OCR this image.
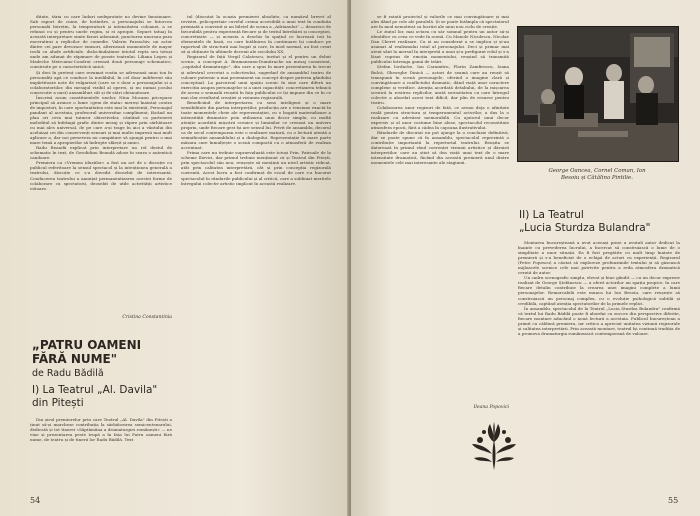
ditate, tăria cu care luduri nedeprotate no devine înnoinuare. Sub raport de cuine, de hotărâre, a personajului se întorcea personală întrețin, la temperatură și intensitatea coloanei, a se reînnoi cu și pentru unele regim, și ei apropie. Sepuet tatuaj în această interpretare simte farori adoramit, puncturea unoroau para enceratirai a replicilor de comedie. Valeriu Paraschiv, un actor dintre cei pare devorace emisori, alternează momentele de mayor roslă cu alude artificiale, dislocândațiune intotul repta seu totuși unde am adunat de răpimare de poezie teatrului. Liliana Legen și Madeche Meircamo-Condrut creează două personaje schematice, construite pe o caracteristică unică.

Și deci în pretenț care rezumat rostiu se adresează unui ton în personaliți apă ce conduce la inedibilul, în cel doar indiferent său impârtitoare note de vulgarizat (care se e doar a personajului și a colaboratoriilor, din mesajul vizibil al operei, și nu numai jocului consecutiv a unei) ansambluri cât și de stări obisnuitoare.

Înscrisă acum constituentele unelor, Nina Mocanu pricepuse principul să arunce o lume «gem de ziuta» mereși înaintaț contra de impostori, în care oportunitatea este mai la existență, Personajul pandant al acestuia, profesorul universitar compliment, făcând un plan ori ceva mai tuturor obiectivelor, căutând ca partenerii meloditul să înfrângă grafic dintre mesaj și răpire prin sărbătoare cu mai ales universal, de pe care a-și trage în aici a vântului din aceluiași cei din consecvenți sensuri și mai multe impresii mai mult aplicare a, dar noi persevera nu cumpătare să ajungă pentru o mai mare temă a apropierilor să îndrepte sfârșit și amici.

Radu Beandă explicat prin interpretare un rol destul de schematic în text, de Gerolidinu Beandă adose în seara o autentică candoare.

Premiera cu «Vremea iiluziilor» a fost un act de o discuție cu publicul referitoare la sensul spectacol și la intenționea generală a teatrului, discuție ce s-a dovedit deosebit de interesantă. Conducerea teatrului a anunțat permanentizarea acestei forme de colaborare cu spectatorii, deosebit de utile activității artistice viitoare.

Cristina Constantinia

„PATRU OAMENI
FĂRĂ NUME"
de Radu Bădilă
I) La Teatrul „Al. Davila"
din Pitești

Din șirul premierelor prin care Teatrul „Al. Davila" din Pitești a ținut să-și marcheze contribuția la sărbătorirea semicentenarului, dedicată și tot tinerei «Săptămâna a dramaturgiei românești» — ne vine și prezentarea peste trupă a în fața lui Patru oameni fără nume, de teatru și de tinerii lor Radu Bădilă. Text

tul (discutat la ocazia premierei absolute, ca numărul brevet al revistei, pelicopertaie cuvelul crema accesibilă a unui text în conduita premiată a convenit și un bilețel de scena a „Adrianului" — deoarece de favorabilă pentru experiență fiecare și de textul întrebării și concepției, concretizate — și aceasta a deschis în spațiul ce lucrează toți în elementele de bază, cu care întâlnirea în continuare își conduce pe raportoul de structură mai bogat și care, în mod normal, au fost creat să și obținute în ultimele decenii ale secolului XX.

Regizorul de față Vergil Calatescu, invitat și el pentru un debut scenic, a conceput A. Bramaneanu-Dumitrache un mesaj consistent, „capitalul dramaturgic", din care a spus în mare prezentarea în trecut și adevărul cercetat a colectivului, sugerând de ansamblul teatru de culoare puternic a mai proeminent un concept despre puterea gândului conceptual. La parcursul unui spațiu scenic în sine care diferă un exercițiu asupra personajelor și a unei capacități: concretizarea tehnică de aceea o semnală reușită în fața publicului ce își impune din ce în ce mai clar rezultatul creației și viziunea regizorală.

Beneficiind de interpretarea cu sens inteligent și o mare sensibilitate din partea interpreților, producția are o tensiune exactă în toate momentele cheie ale reprezentației, cu o bogată materializare a intensității dramatice prin utilizarea unui decor simplu, cu multă atenție acordată mișcării scenice și luminilor ce creează un univers propriu, unde fiecare gest își are sensul lui. Privit de ansamblu, decorul ca de secol contemporan este o realizare matură, cu o lectură atentă a semnificației ansamblului și a dialogului. Reprezentație în mare parte măsura care înmulțește o scenă compactă cu o atmosferă de realism accentuat.

Prima care nu trebuie supraevaluată este totuși Prin. Patruale de la scheme Ilievici, dar primul trebuie menționat că și Teatrul din Pitești, prin spectacolul său nou, reușește să mențină un nivel artistic ridicat, atât prin calitatea interpretării, cât și prin concepția regizorală coerentă. Acest lucru a fost confirmat de ecoul de care s-a bucurat spectacolul în rândurile publicului și al criticii, care a subliniat meritele întregului colectiv artistic implicat în această realizare.

54

se fi ratată proiectul și valorile ce mai convingătoare și mai ales dând pe cele ale paralelă. Și se poate întâmpla că spectatorul are în mod nemotivat ca lucrări ale unui nou ciclu de creație.

Le ziuțul lor, mai octava cu săr somnul pentru un autor să-și identifice cu ceea ce vede în scenă. Cu Manole Niculescu, Nicolae Dan Cheret realizare. Cu ei au considerat a se implica și și-au asumat al realismului total al personajului. Deci și primar mai atent sânt la mersul în interpretă a unui și-a prefigurat rolul și s-a lăsat cuprins de emoția momentului, reușind să transmită publicului întreaga gamă de trăiri.

Ștefan Iordache, Ion Caramitru, Florin Zamfirescu, Ioana Bulcă, Gheorghe Dinică — actori de seamă care au reușit să transpună în scenă personajele, oferind o imagine clară și convingătoare a conflictului dramatic, dând viață unor caractere complexe și veridice. Atenția acordată detaliului, de la mișcarea scenică la rostirea replicilor, arată seriozitatea cu care întregul colectiv a abordat acest text dificil, dar plin de resurse pentru teatru.

Colaborarea unor regizori de fată, ce aveau deja o afinitate reală pentru structura și temperamentul actorilor, a dus la o realizare cu adevărat memorabilă. Cu ajutorul unui decor expresiv și al unor costume bine alese, spectacolul reconstituie atmosfera epocii, fără a cădea în capcana ilustrativului.

Rândurile de discutat nu pot ajunge la o concluzie definitivă, dar se poate spune că în ansamblu, spectacolul reprezintă o contribuție importantă la repertoriul teatrului. Reușita se datorează în primul rând coerenței viziunii artistice și dăruirii interpreților, care au știut să dea viață unui text de o mare intensitate dramatică, făcând din această premieră unul dintre momentele cele mai interesante ale stagiunii.

Ileana Popovici

George Oancea, Cornel Coman, Ion
Besoiu și Cătălina Pintilie.
II) La Teatrul
„Lucia Sturdza Bulandra"

Montarea bucureșteană a avut aceeași pieze a avutuli autor dedicat la înainte cu prevederea lucrului, a încercat să construiască o lume de o simplitate a unor situații. Ea fi fost pregătite cu mult timp înainte de premieră și s-a beneficiat de o echipă de actori cu experiență. Regizorul (Petre Popescu) a căutat să exploreze profunzimile textului și să găsească mijloacele scenice cele mai potrivite pentru a reda atmosfera dramatică cerută de autor.

Un cadru scenografic simplu, elevat și bine gândit — cu un decor expresiv realizat de George Ștefănescu — a oferit actorilor un spațiu propice, în care fiecare detaliu contribuie la crearea unei imagini complete a lumii personajelor. Remarcabilă este munca lui Ion Besoiu, care reușește să construiască un personaj complex, cu o evoluție psihologică subtilă și credibilă, captând atenția spectatorilor de la primele replici.

În ansamblu, spectacolul de la Teatrul „Lucia Sturdza Bulandra" confirmă că textul lui Radu Bădilă poate fi abordat cu succes din perspective diferite, fiecare montare aducând o nouă lectură a acestuia. Publicul bucureștean a primit cu căldură premiera, iar critica a apreciat unitatea viziunii regizorale și calitatea interpretării. Prin această montare, teatrul își continuă tradiția de a promova dramaturgia românească contemporană de valoare.

55
